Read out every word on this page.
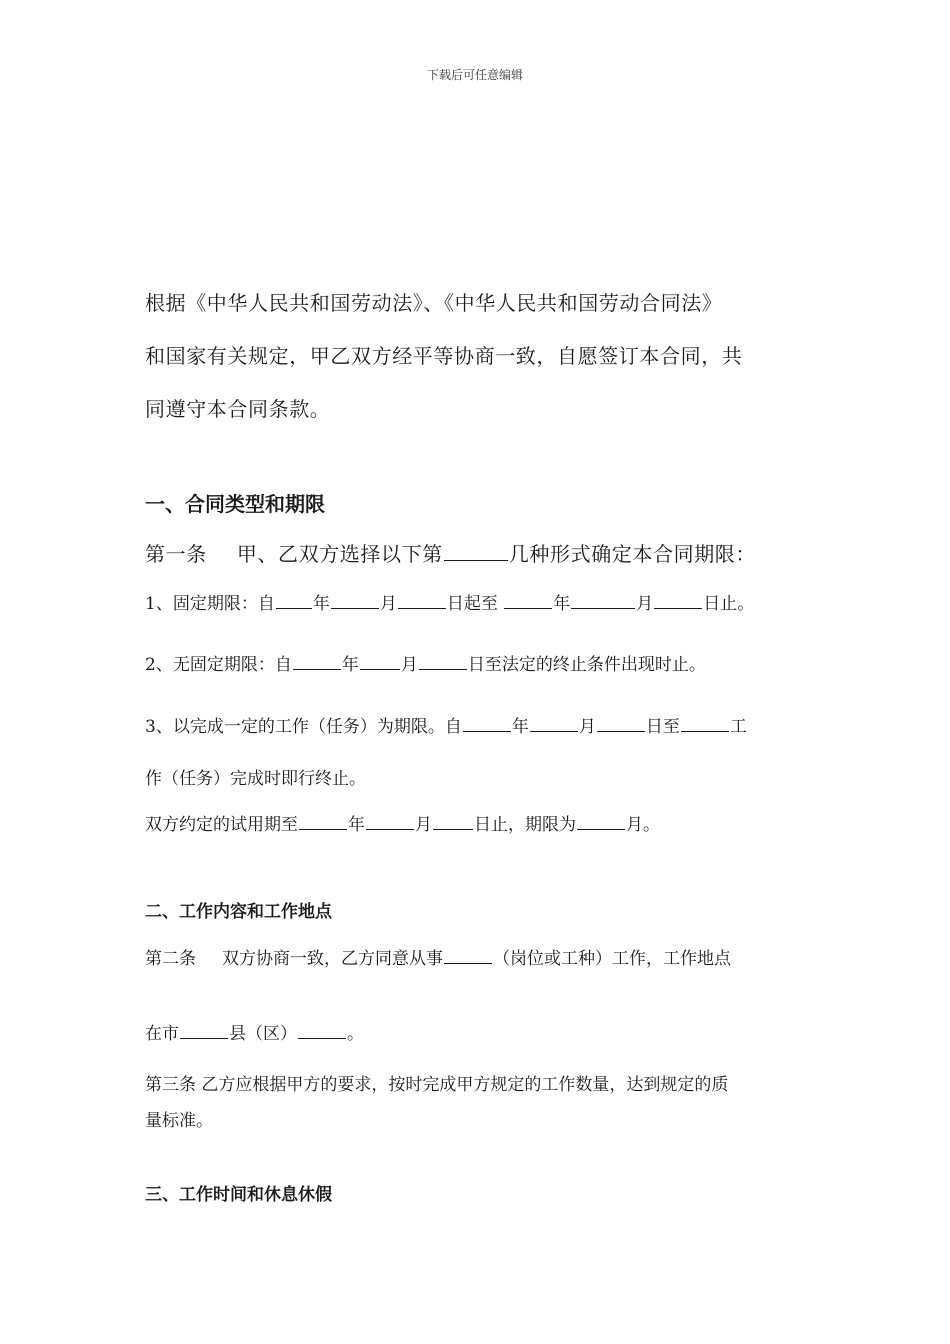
下载后可任意编辑
根据《中华人民共和国劳动法》、《中华人民共和国劳动合同法》
和国家有关规定，甲乙双方经平等协商一致，自愿签订本合同，共
同遵守本合同条款。
一、合同类型和期限
第一条 甲、乙双方选择以下第	几种形式确定本合同期限：
1、固定期限：自 年	月	日起至	年	月	日止。
2、无固定期限：自	年 月	日至法定的终止条件出现时止。
3、以完成一定的工作（任务）为期限。自	年	月	日至	工
作（任务）完成时即行终止。
双方约定的试用期至	年	月 日止，期限为	月。
二、工作内容和工作地点
第二条 双方协商一致，乙方同意从事	（岗位或工种）工作，工作地点
在市	县（区）	。
第三条 乙方应根据甲方的要求，按时完成甲方规定的工作数量，达到规定的质
量标准。
三、工作时间和休息休假
